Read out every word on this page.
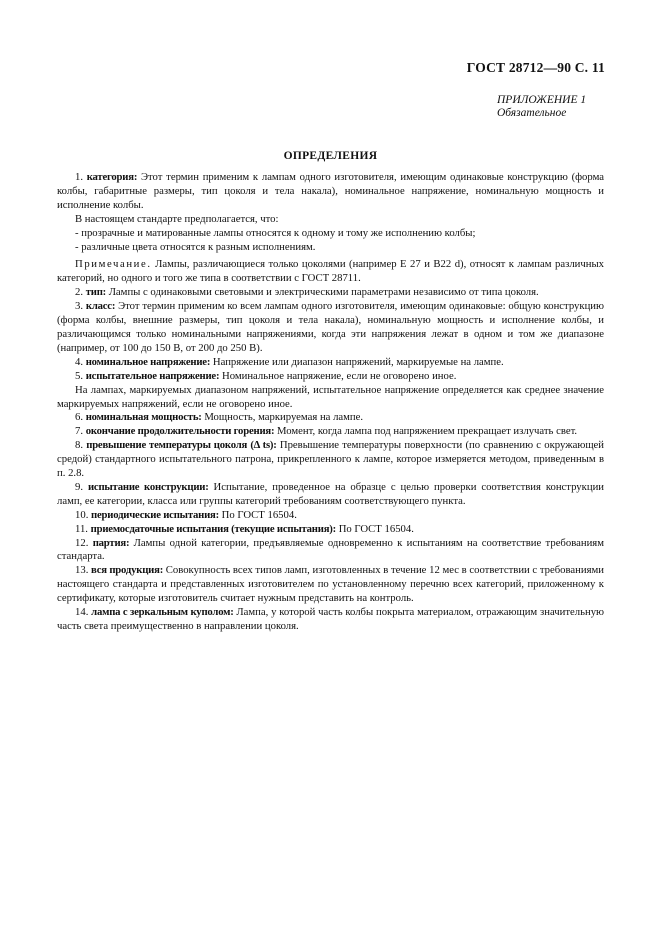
ГОСТ 28712—90 С. 11
ПРИЛОЖЕНИЕ 1
Обязательное
ОПРЕДЕЛЕНИЯ

1. категория: Этот термин применим к лампам одного изготовителя, имеющим одинаковые конструкцию (форма колбы, габаритные размеры, тип цоколя и тела накала), номинальное напряжение, номинальную мощность и исполнение колбы.

В настоящем стандарте предполагается, что:

- прозрачные и матированные лампы относятся к одному и тому же исполнению колбы;

- различные цвета относятся к разным исполнениям.

Примечание. Лампы, различающиеся только цоколями (например Е 27 и В22 d), относят к лампам различных категорий, но одного и того же типа в соответствии с ГОСТ 28711.

2. тип: Лампы с одинаковыми световыми и электрическими параметрами независимо от типа цоколя.

3. класс: Этот термин применим ко всем лампам одного изготовителя, имеющим одинаковые: общую конструкцию (форма колбы, внешние размеры, тип цоколя и тела накала), номинальную мощность и исполнение колбы, и различающимся только номинальными напряжениями, когда эти напряжения лежат в одном и том же диапазоне (например, от 100 до 150 В, от 200 до 250 В).

4. номинальное напряжение: Напряжение или диапазон напряжений, маркируемые на лампе.

5. испытательное напряжение: Номинальное напряжение, если не оговорено иное.

На лампах, маркируемых диапазоном напряжений, испытательное напряжение определяется как среднее значение маркируемых напряжений, если не оговорено иное.

6. номинальная мощность: Мощность, маркируемая на лампе.

7. окончание продолжительности горения: Момент, когда лампа под напряжением прекращает излучать свет.

8. превышение температуры цоколя (Δ ts): Превышение температуры поверхности (по сравнению с окружающей средой) стандартного испытательного патрона, прикрепленного к лампе, которое измеряется методом, приведенным в п. 2.8.

9. испытание конструкции: Испытание, проведенное на образце с целью проверки соответствия конструкции ламп, ее категории, класса или группы категорий требованиям соответствующего пункта.

10. периодические испытания: По ГОСТ 16504.

11. приемосдаточные испытания (текущие испытания): По ГОСТ 16504.

12. партия: Лампы одной категории, предъявляемые одновременно к испытаниям на соответствие требованиям стандарта.

13. вся продукция: Совокупность всех типов ламп, изготовленных в течение 12 мес в соответствии с требованиями настоящего стандарта и представленных изготовителем по установленному перечню всех категорий, приложенному к сертификату, которые изготовитель считает нужным представить на контроль.

14. лампа с зеркальным куполом: Лампа, у которой часть колбы покрыта материалом, отражающим значительную часть света преимущественно в направлении цоколя.
